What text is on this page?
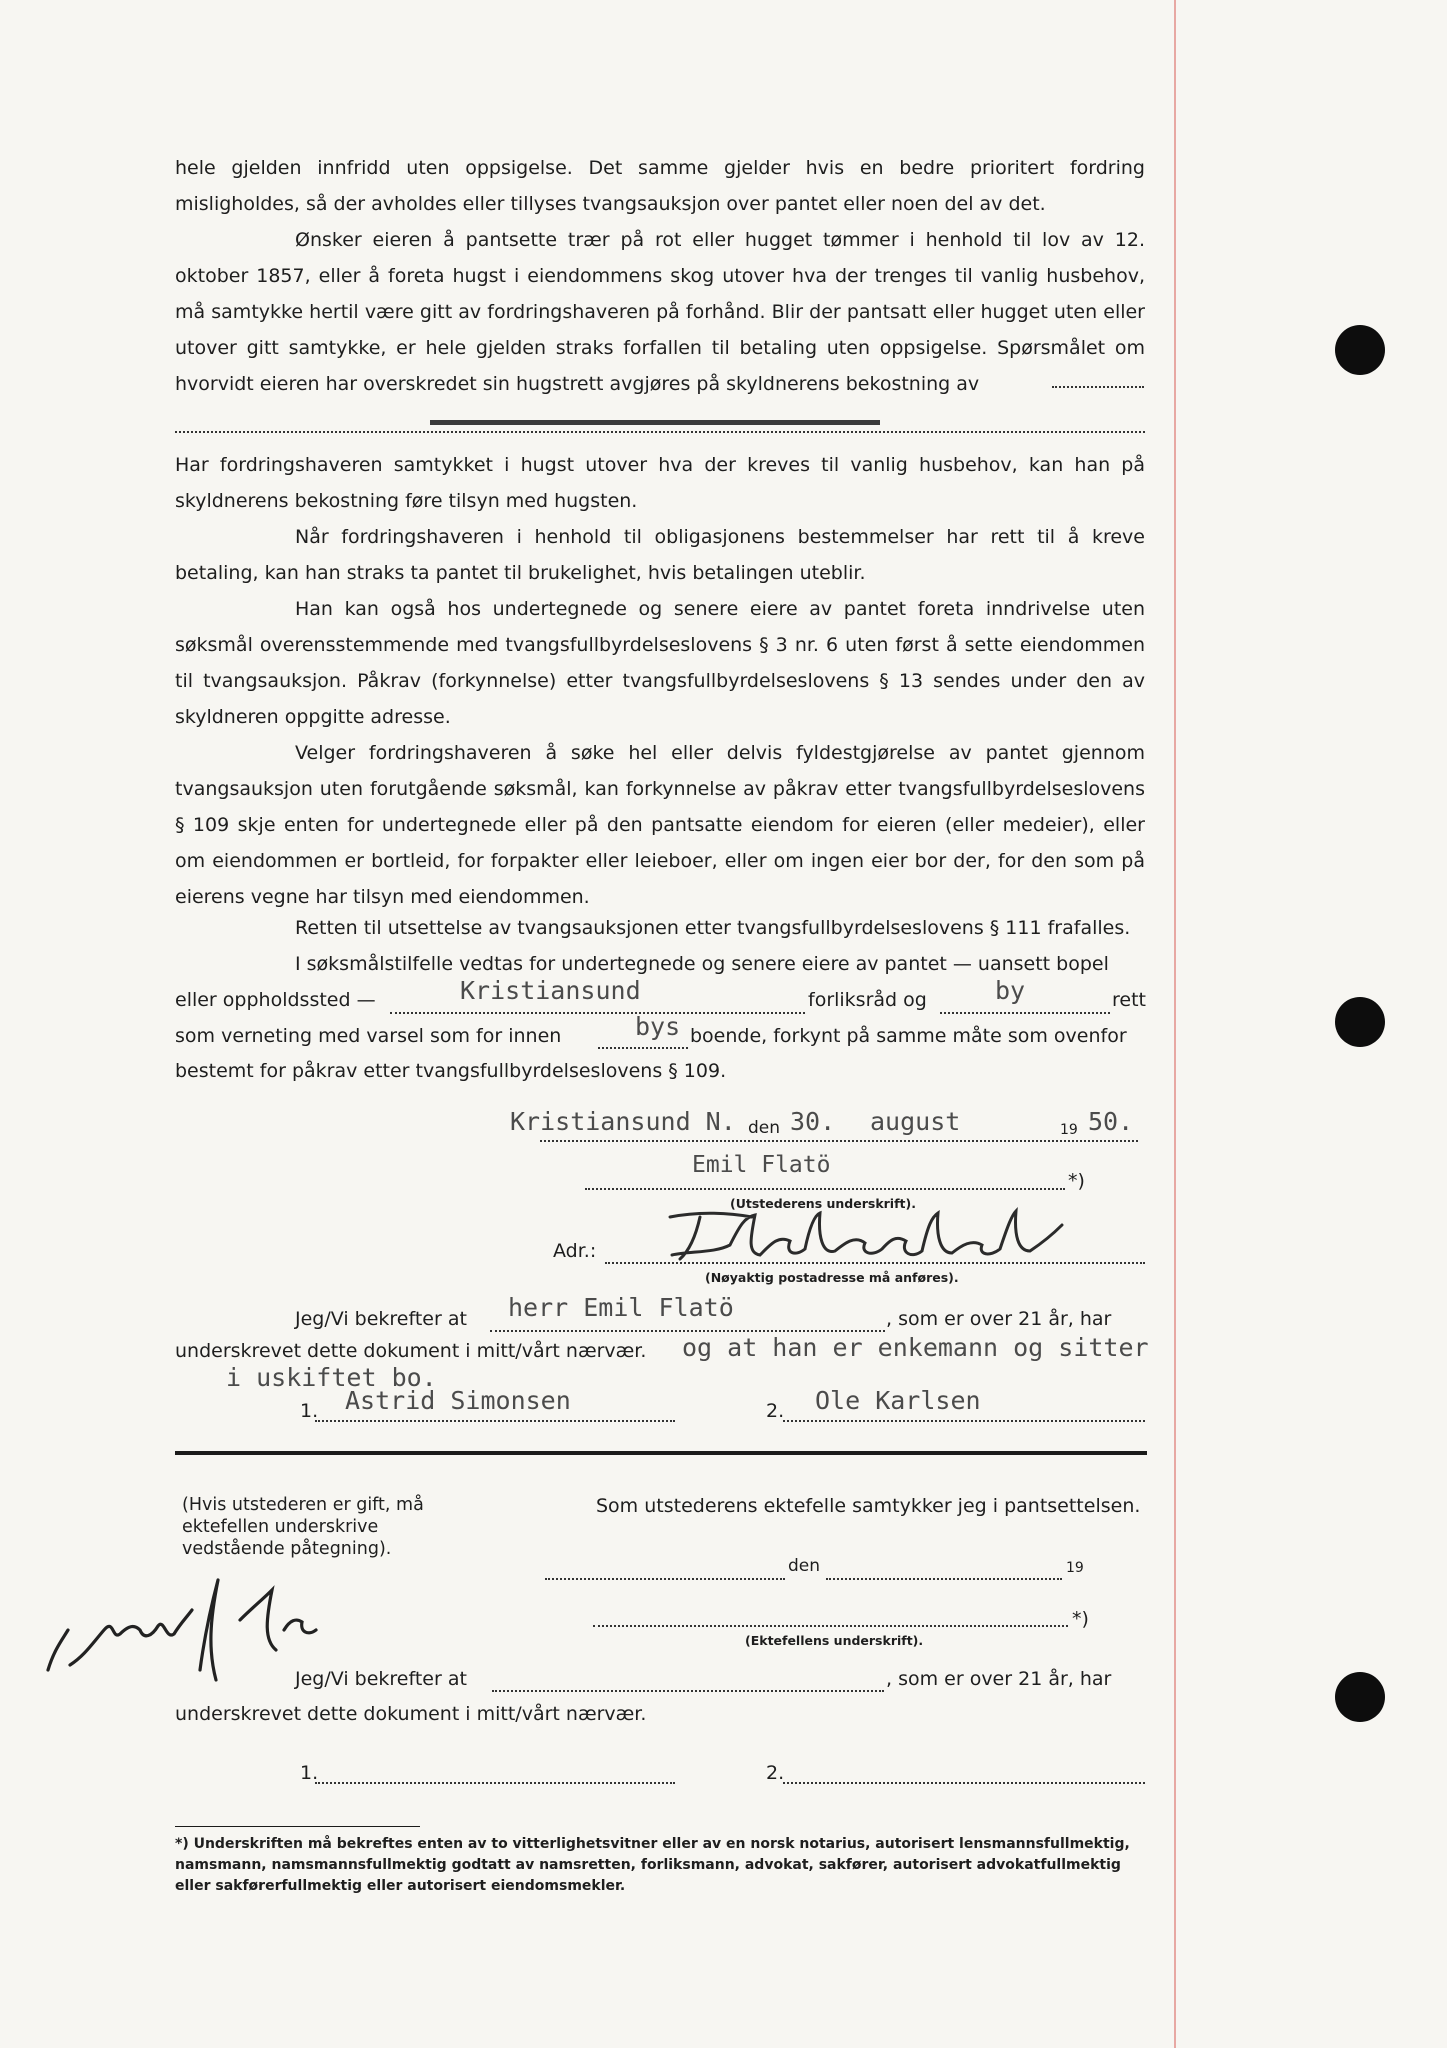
hele gjelden innfridd uten oppsigelse. Det samme gjelder hvis en bedre prioritert fordring misligholdes, så der avholdes eller tillyses tvangsauksjon over pantet eller noen del av det.
Ønsker eieren å pantsette trær på rot eller hugget tømmer i henhold til lov av 12. oktober 1857, eller å foreta hugst i eiendommens skog utover hva der trenges til vanlig husbehov, må samtykke hertil være gitt av fordringshaveren på forhånd. Blir der pantsatt eller hugget uten eller utover gitt samtykke, er hele gjelden straks forfallen til betaling uten oppsigelse. Spørsmålet om hvorvidt eieren har overskredet sin hugstrett avgjøres på skyldnerens bekostning av
Har fordringshaveren samtykket i hugst utover hva der kreves til vanlig husbehov, kan han på skyldnerens bekostning føre tilsyn med hugsten.
Når fordringshaveren i henhold til obligasjonens bestemmelser har rett til å kreve betaling, kan han straks ta pantet til brukelighet, hvis betalingen uteblir.
Han kan også hos undertegnede og senere eiere av pantet foreta inndrivelse uten søksmål overensstemmende med tvangsfullbyrdelseslovens § 3 nr. 6 uten først å sette eiendommen til tvangsauksjon. Påkrav (forkynnelse) etter tvangsfullbyrdelseslovens § 13 sendes under den av skyldneren oppgitte adresse.
Velger fordringshaveren å søke hel eller delvis fyldestgjørelse av pantet gjennom tvangsauksjon uten forutgående søksmål, kan forkynnelse av påkrav etter tvangsfullbyrdelseslovens § 109 skje enten for undertegnede eller på den pantsatte eiendom for eieren (eller medeier), eller om eiendommen er bortleid, for forpakter eller leieboer, eller om ingen eier bor der, for den som på eierens vegne har tilsyn med eiendommen.
Retten til utsettelse av tvangsauksjonen etter tvangsfullbyrdelseslovens § 111 frafalles.
I søksmålstilfelle vedtas for undertegnede og senere eiere av pantet — uansett bopel
eller oppholdssted —	Kristiansund	forliksråd og	by	rett
som verneting med varsel som for innen	bys boende, forkynt på samme måte som ovenfor
bestemt for påkrav etter tvangsfullbyrdelseslovens § 109.
Kristiansund N. den 30. august	19 50.
Emil Flatö
*)
(Utstederens underskrift).
Adr.:
Flatsetsundet
(Nøyaktig postadresse må anføres).
Jeg/Vi bekrefter at herr Emil Flatö	, som er over 21 år, har
underskrevet dette dokument i mitt/vårt nærvær. og at han er enkemann og sitter
i uskiftet bo.
1. Astrid Simonsen	2. Ole Karlsen
(Hvis utstederen er gift, må ektefellen underskrive vedstående påtegning).
Som utstederens ektefelle samtykker jeg i pantsettelsen.
den	19
*)
(Ektefellens underskrift).
Jeg/Vi bekrefter at	, som er over 21 år, har
underskrevet dette dokument i mitt/vårt nærvær.
1.	2.
Vfr. mil Ak
*) Underskriften må bekreftes enten av to vitterlighetsvitner eller av en norsk notarius, autorisert lensmannsfullmektig, namsmann, namsmannsfullmektig godtatt av namsretten, forliksmann, advokat, sakfører, autorisert advokatfullmektig eller sakførerfullmektig eller autorisert eiendomsmekler.
